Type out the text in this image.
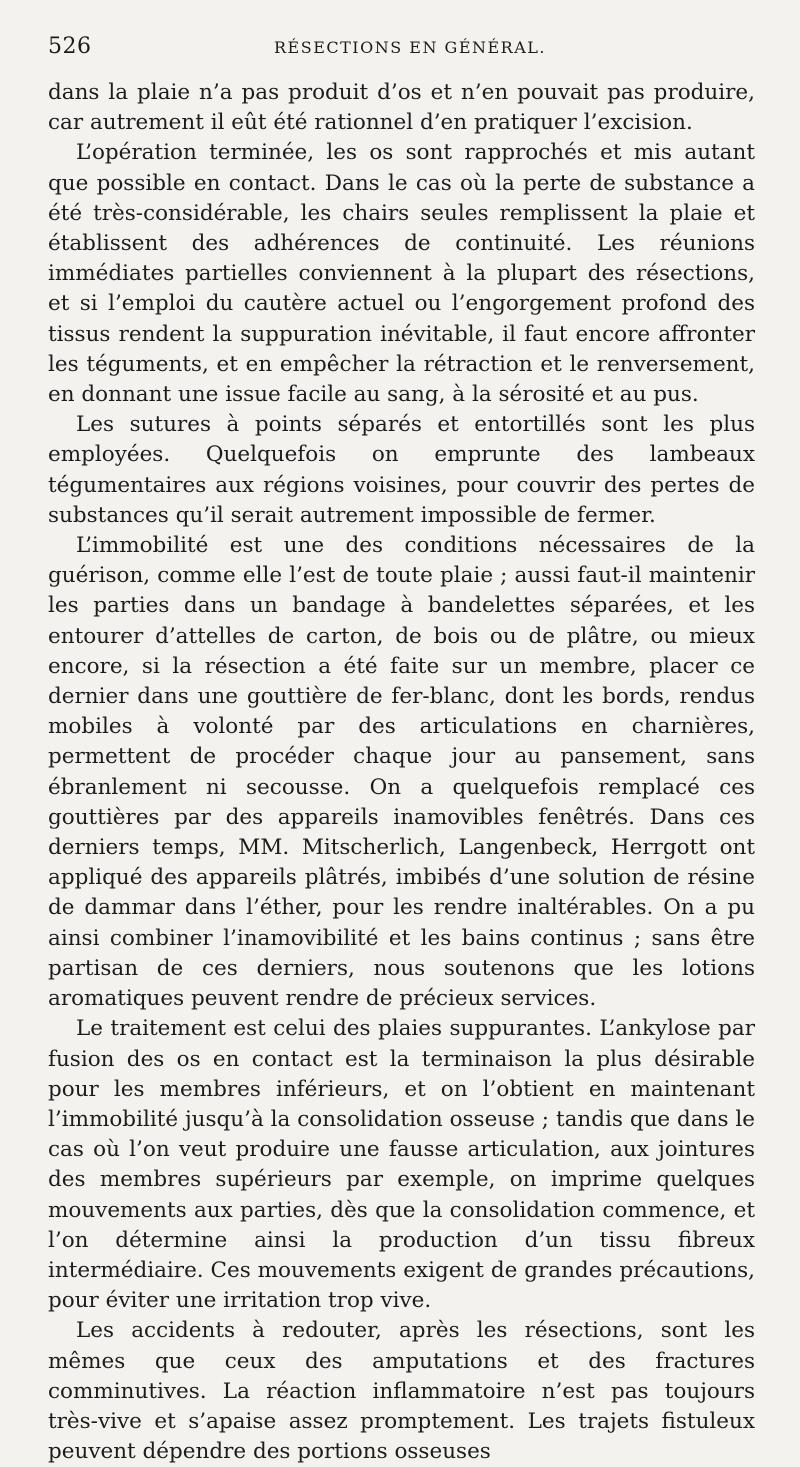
526	RÉSECTIONS EN GÉNÉRAL.

dans la plaie n’a pas produit d’os et n’en pouvait pas produire, car autrement il eût été rationnel d’en pratiquer l’excision.

L’opération terminée, les os sont rapprochés et mis autant que possible en contact. Dans le cas où la perte de substance a été très-considérable, les chairs seules remplissent la plaie et établissent des adhérences de continuité. Les réunions immédiates partielles conviennent à la plupart des résections, et si l’emploi du cautère actuel ou l’engorgement profond des tissus rendent la suppuration inévitable, il faut encore affronter les téguments, et en empêcher la rétraction et le renversement, en donnant une issue facile au sang, à la sérosité et au pus.

Les sutures à points séparés et entortillés sont les plus employées. Quelquefois on emprunte des lambeaux tégumentaires aux régions voisines, pour couvrir des pertes de substances qu’il serait autrement impossible de fermer.

L’immobilité est une des conditions nécessaires de la guérison, comme elle l’est de toute plaie ; aussi faut-il maintenir les parties dans un bandage à bandelettes séparées, et les entourer d’attelles de carton, de bois ou de plâtre, ou mieux encore, si la résection a été faite sur un membre, placer ce dernier dans une gouttière de fer-blanc, dont les bords, rendus mobiles à volonté par des articulations en charnières, permettent de procéder chaque jour au pansement, sans ébranlement ni secousse. On a quelquefois remplacé ces gouttières par des appareils inamovibles fenêtrés. Dans ces derniers temps, MM. Mitscherlich, Langenbeck, Herrgott ont appliqué des appareils plâtrés, imbibés d’une solution de résine de dammar dans l’éther, pour les rendre inaltérables. On a pu ainsi combiner l’inamovibilité et les bains continus ; sans être partisan de ces derniers, nous soutenons que les lotions aromatiques peuvent rendre de précieux services.

Le traitement est celui des plaies suppurantes. L’ankylose par fusion des os en contact est la terminaison la plus désirable pour les membres inférieurs, et on l’obtient en maintenant l’immobilité jusqu’à la consolidation osseuse ; tandis que dans le cas où l’on veut produire une fausse articulation, aux jointures des membres supérieurs par exemple, on imprime quelques mouvements aux parties, dès que la consolidation commence, et l’on détermine ainsi la production d’un tissu fibreux intermédiaire. Ces mouvements exigent de grandes précautions, pour éviter une irritation trop vive.

Les accidents à redouter, après les résections, sont les mêmes que ceux des amputations et des fractures comminutives. La réaction inflammatoire n’est pas toujours très-vive et s’apaise assez promptement. Les trajets fistuleux peuvent dépendre des portions osseuses
